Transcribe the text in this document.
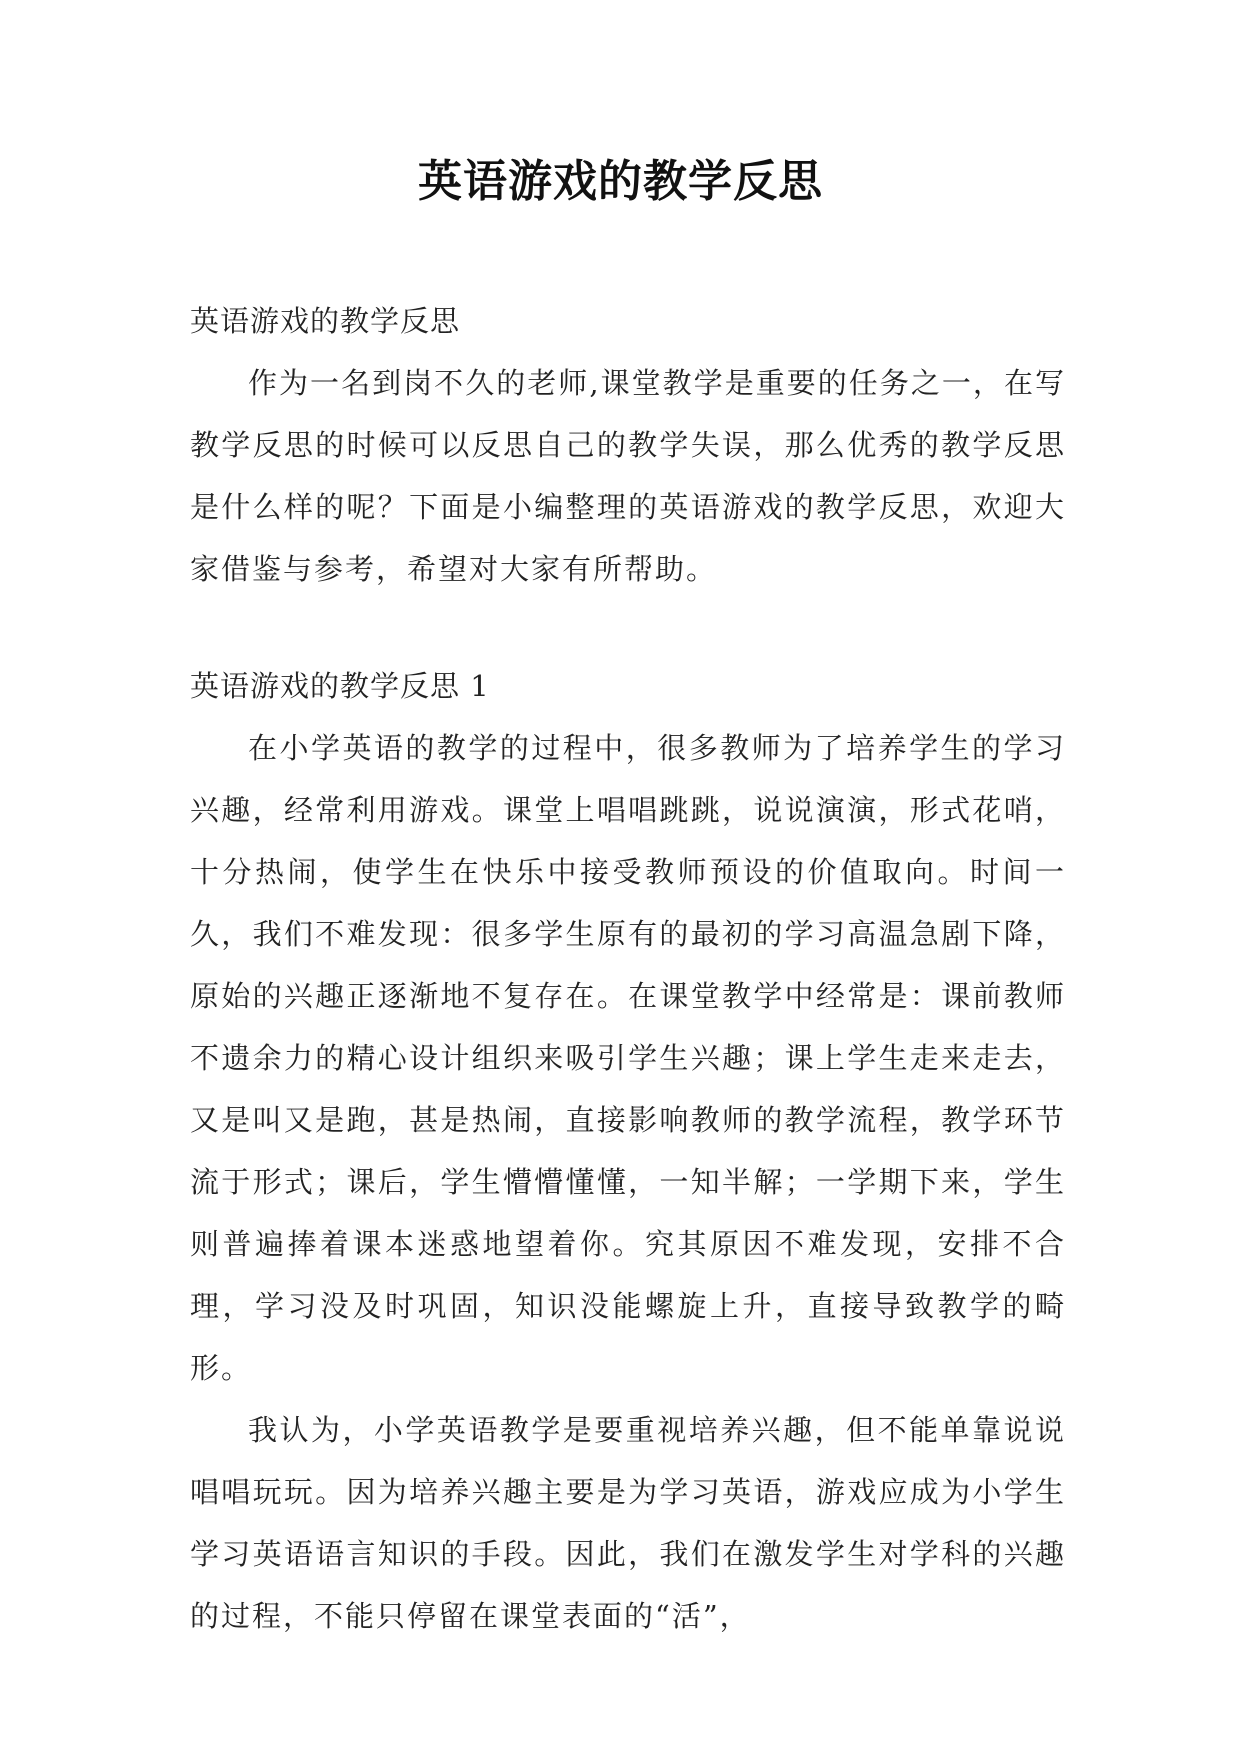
英语游戏的教学反思

英语游戏的教学反思

作为一名到岗不久的老师,课堂教学是重要的任务之一，在写教学反思的时候可以反思自己的教学失误，那么优秀的教学反思是什么样的呢？下面是小编整理的英语游戏的教学反思，欢迎大家借鉴与参考，希望对大家有所帮助。

英语游戏的教学反思 1

在小学英语的教学的过程中，很多教师为了培养学生的学习兴趣，经常利用游戏。课堂上唱唱跳跳，说说演演，形式花哨，十分热闹，使学生在快乐中接受教师预设的价值取向。时间一久，我们不难发现：很多学生原有的最初的学习高温急剧下降，原始的兴趣正逐渐地不复存在。在课堂教学中经常是：课前教师不遗余力的精心设计组织来吸引学生兴趣；课上学生走来走去，又是叫又是跑，甚是热闹，直接影响教师的教学流程，教学环节流于形式；课后，学生懵懵懂懂，一知半解；一学期下来，学生则普遍捧着课本迷惑地望着你。究其原因不难发现，安排不合理，学习没及时巩固，知识没能螺旋上升，直接导致教学的畸形。

我认为，小学英语教学是要重视培养兴趣，但不能单靠说说唱唱玩玩。因为培养兴趣主要是为学习英语，游戏应成为小学生学习英语语言知识的手段。因此，我们在激发学生对学科的兴趣的过程，不能只停留在课堂表面的“活”，
